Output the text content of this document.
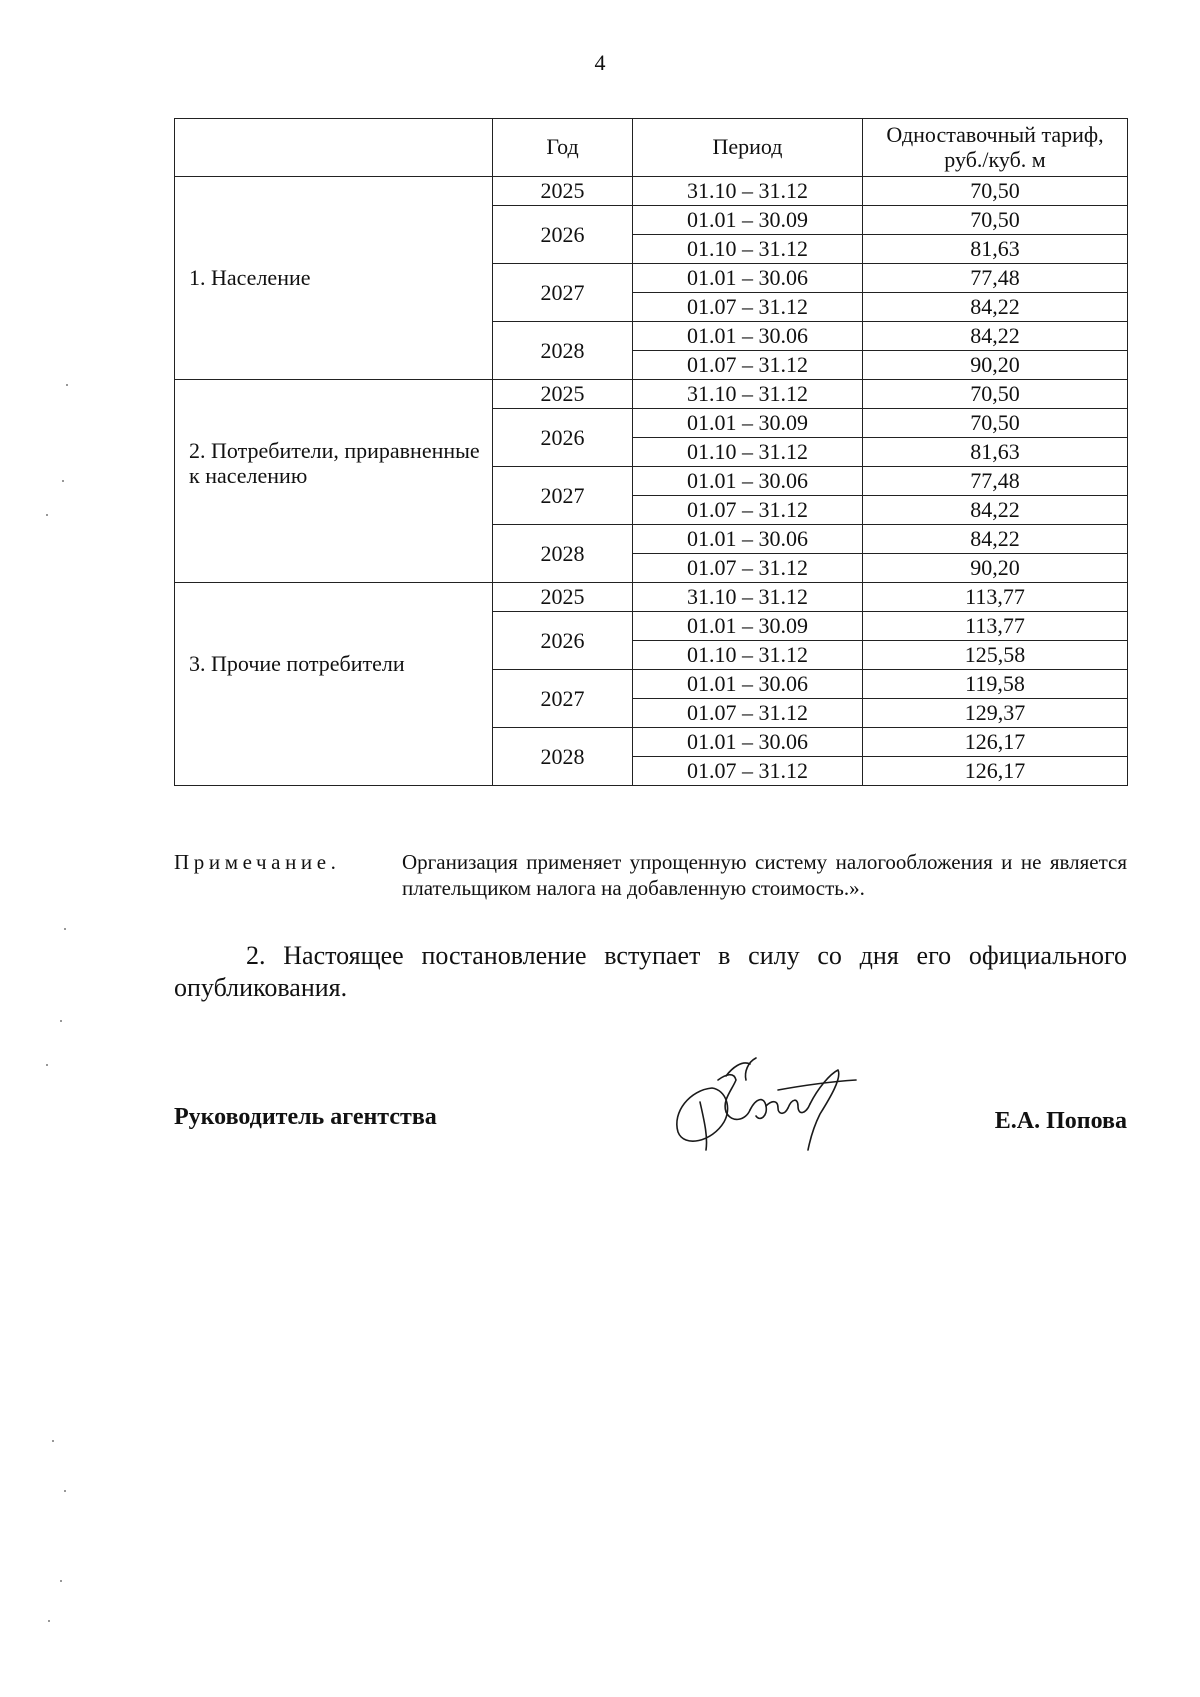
4
	Год	Период	Одноставочный тариф, руб./куб. м
1. Население	2025	31.10 – 31.12	70,50
	2026	01.01 – 30.09	70,50
		01.10 – 31.12	81,63
	2027	01.01 – 30.06	77,48
		01.07 – 31.12	84,22
	2028	01.01 – 30.06	84,22
		01.07 – 31.12	90,20
2. Потребители, приравненные к населению	2025	31.10 – 31.12	70,50
	2026	01.01 – 30.09	70,50
		01.10 – 31.12	81,63
	2027	01.01 – 30.06	77,48
		01.07 – 31.12	84,22
	2028	01.01 – 30.06	84,22
		01.07 – 31.12	90,20
3. Прочие потребители	2025	31.10 – 31.12	113,77
	2026	01.01 – 30.09	113,77
		01.10 – 31.12	125,58
	2027	01.01 – 30.06	119,58
		01.07 – 31.12	129,37
	2028	01.01 – 30.06	126,17
		01.07 – 31.12	126,17
Примечание.	Организация применяет упрощенную систему налогообложения и не является плательщиком налога на добавленную стоимость.».
2. Настоящее постановление вступает в силу со дня его официального опубликования.
Руководитель агентства	Е.А. Попова
